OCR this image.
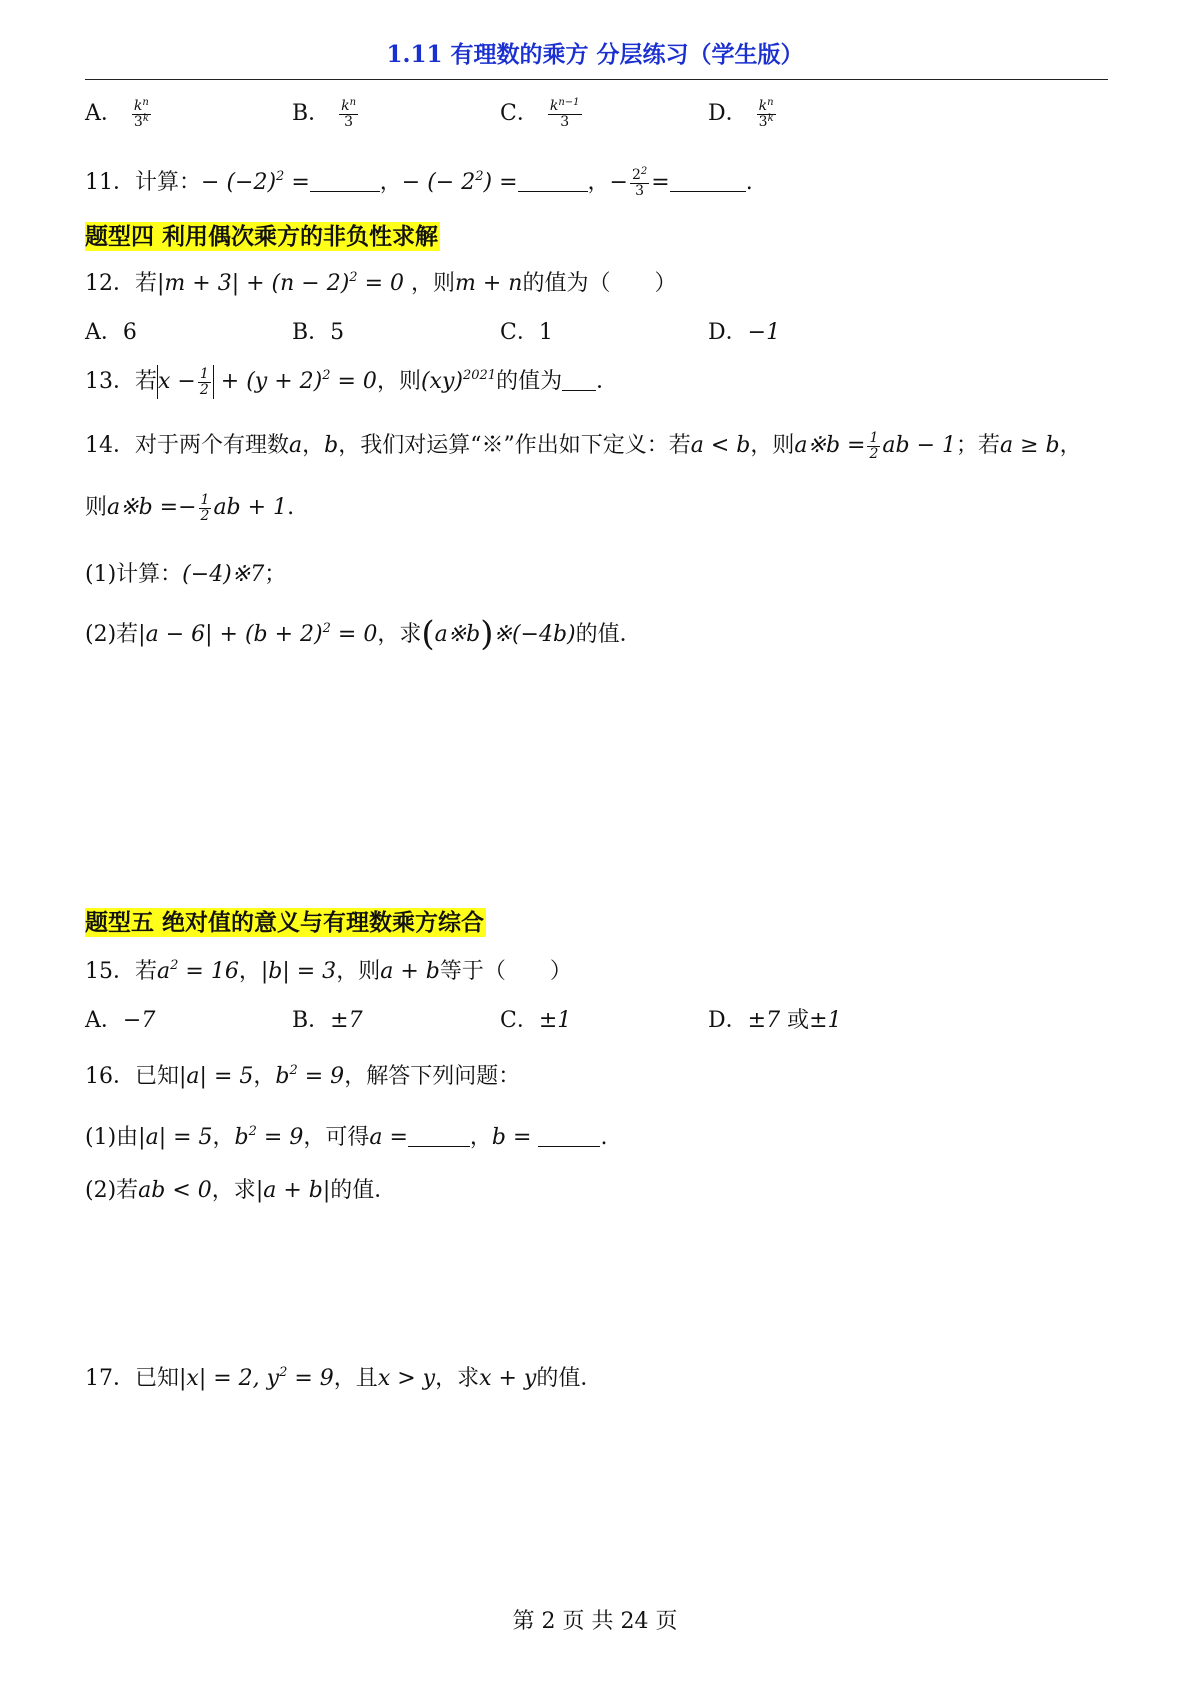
1.11 有理数的乘方 分层练习（学生版）
A． $\frac{k^n}{3^k}$	B． $\frac{k^n}{3}$	C． $\frac{k^{n-1}}{3}$	D． $\frac{k^n}{3^k}$
11．计算：− $(-2)^2$ =	，− (− $2^2$) =	，− $\frac{2^2}{3}$ =	.
题型四 利用偶次乘方的非负性求解
12．若$|m + 3| + (n - 2)^2 = 0$ ，则m + n的值为（　　）
A．6	B．5	C．1	D．−1
13．若$x - \frac{1}{2} + (y + 2)^2 = 0$，则(xy)$^{2021}$的值为 ．
14．对于两个有理数a，b，我们对运算“※”作出如下定义：若a < b，则a※b = $\frac{1}{2}$ ab − 1；若a ≥ b，
则a※b =− $\frac{1}{2}$ ab + 1.
(1)计算：(−4)※7；
(2)若$|a - 6| + (b + 2)^2 = 0$，求(a※b)※(−4b)的值．
题型五 绝对值的意义与有理数乘方综合
15．若$a^2 = 16$，|b| = 3，则a + b等于（　　）
A．−7	B．±7	C．±1	D．±7 或±1
16．已知|a| = 5，$b^2 = 9$，解答下列问题：
(1)由|a| = 5，$b^2 = 9$，可得a =	，b =	.
(2)若ab < 0，求|a + b|的值．
17．已知|x| = 2, $y^2 = 9$，且x > y，求x + y的值．
第 2 页 共 24 页
